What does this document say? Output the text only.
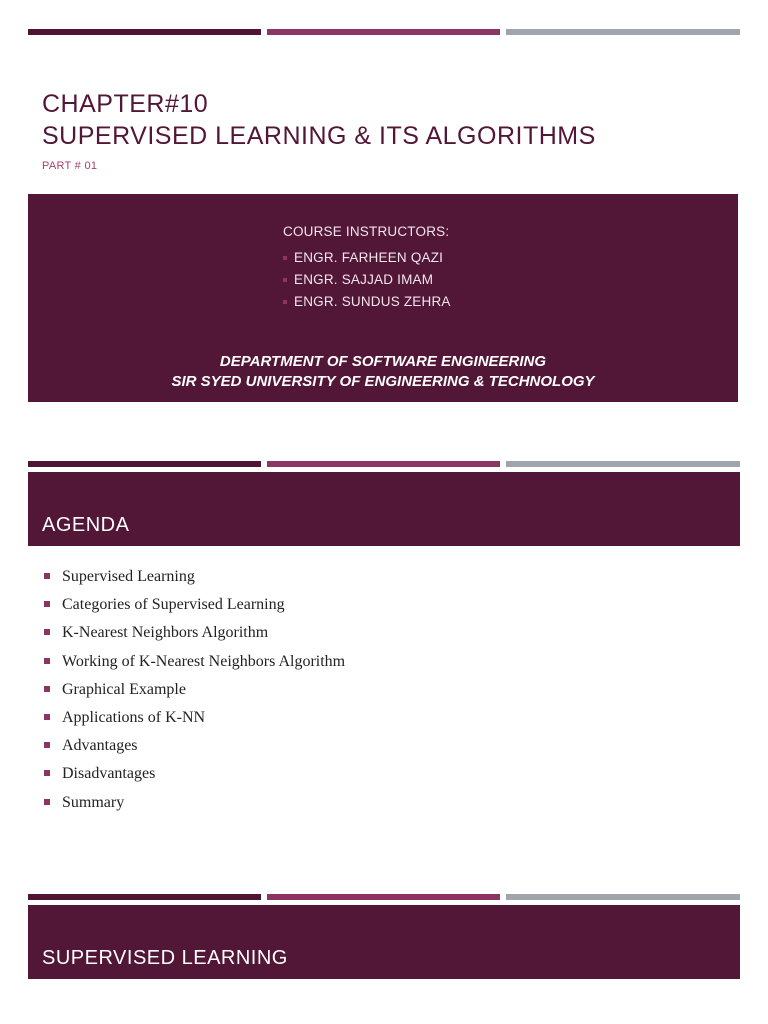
CHAPTER#10
SUPERVISED LEARNING & ITS ALGORITHMS
PART # 01
COURSE INSTRUCTORS:
ENGR. FARHEEN QAZI
ENGR. SAJJAD IMAM
ENGR. SUNDUS ZEHRA
DEPARTMENT OF SOFTWARE ENGINEERING
SIR SYED UNIVERSITY OF ENGINEERING & TECHNOLOGY
AGENDA
Supervised Learning
Categories of Supervised Learning
K-Nearest Neighbors Algorithm
Working of K-Nearest Neighbors Algorithm
Graphical Example
Applications of K-NN
Advantages
Disadvantages
Summary
SUPERVISED LEARNING
